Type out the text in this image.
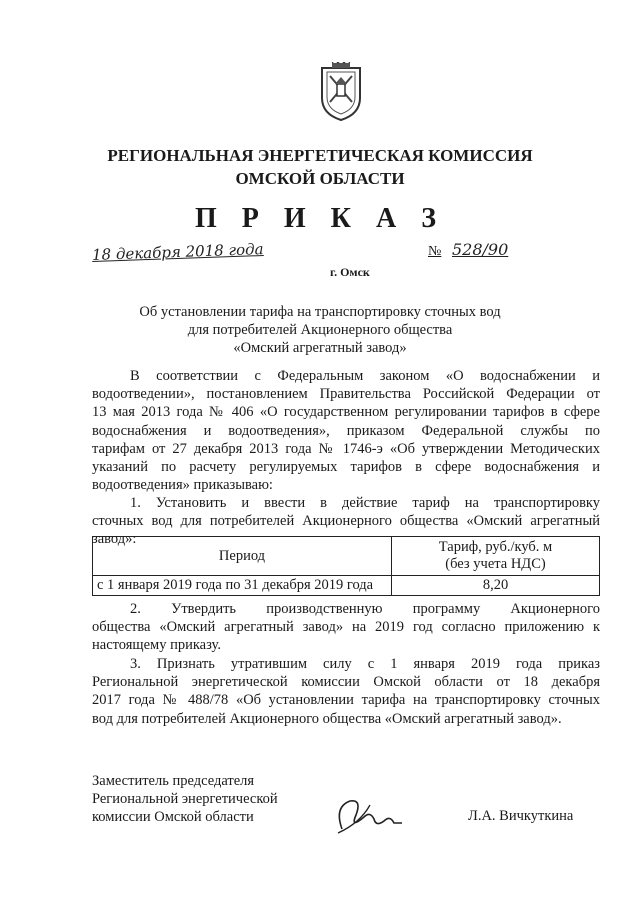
РЕГИОНАЛЬНАЯ ЭНЕРГЕТИЧЕСКАЯ КОМИССИЯ
ОМСКОЙ ОБЛАСТИ
П Р И К А З
18 декабря 2018 года	№ 528/90
г. Омск
Об установлении тарифа на транспортировку сточных вод
для потребителей Акционерного общества
«Омский агрегатный завод»

В соответствии с Федеральным законом «О водоснабжении и

водоотведении», постановлением Правительства Российской Федерации от

13 мая 2013 года № 406 «О государственном регулировании тарифов в сфере

водоснабжения и водоотведения», приказом Федеральной службы по

тарифам от 27 декабря 2013 года № 1746-э «Об утверждении Методических

указаний по расчету регулируемых тарифов в сфере водоснабжения и

водоотведения» приказываю:

1. Установить и ввести в действие тариф на транспортировку

сточных вод для потребителей Акционерного общества «Омский агрегатный

завод»:

Период	Тариф, руб./куб. м
(без учета НДС)

с 1 января 2019 года по 31 декабря 2019 года	8,20

2. Утвердить производственную программу Акционерного

общества «Омский агрегатный завод» на 2019 год согласно приложению к

настоящему приказу.

3. Признать утратившим силу с 1 января 2019 года приказ

Региональной энергетической комиссии Омской области от 18 декабря

2017 года № 488/78 «Об установлении тарифа на транспортировку сточных

вод для потребителей Акционерного общества «Омский агрегатный завод».

Заместитель председателя
Региональной энергетической
комиссии Омской области	Л.А. Вичкуткина
